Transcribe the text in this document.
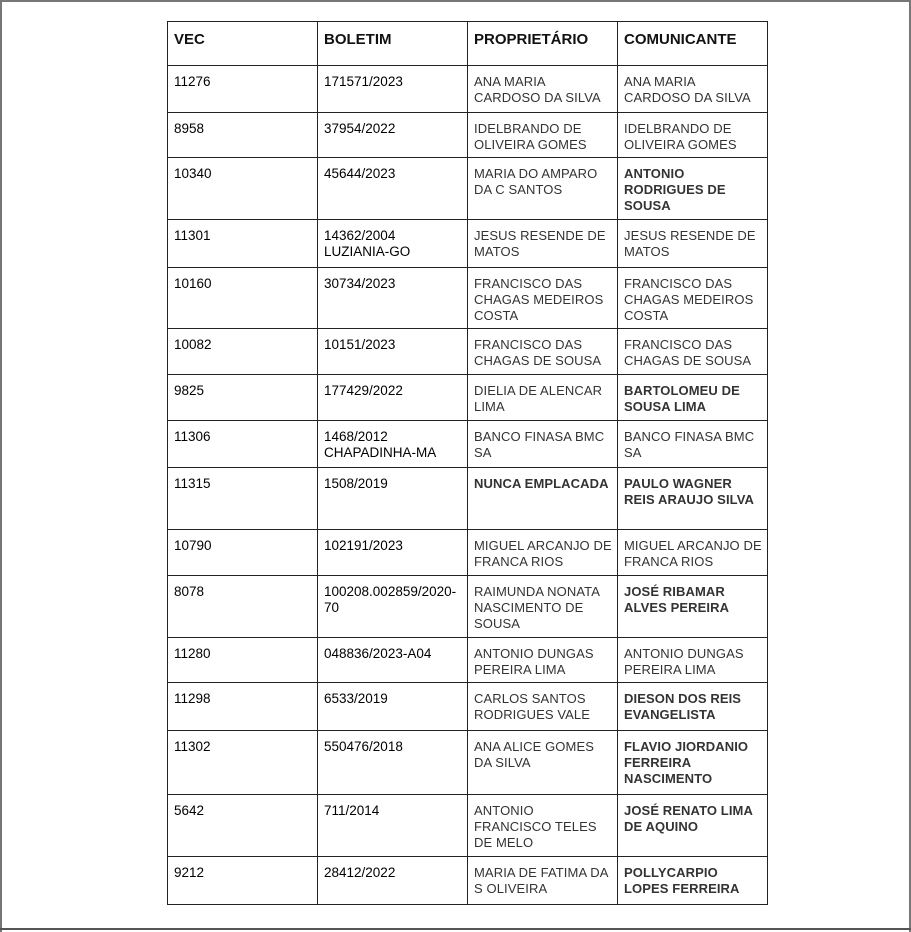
VEC	BOLETIM	PROPRIETÁRIO	COMUNICANTE
11276	171571/2023	ANA MARIA CARDOSO DA SILVA	ANA MARIA CARDOSO DA SILVA
8958	37954/2022	IDELBRANDO DE OLIVEIRA GOMES	IDELBRANDO DE OLIVEIRA GOMES
10340	45644/2023	MARIA DO AMPARO DA C SANTOS	ANTONIO RODRIGUES DE SOUSA
11301	14362/2004 LUZIANIA-GO	JESUS RESENDE DE MATOS	JESUS RESENDE DE MATOS
10160	30734/2023	FRANCISCO DAS CHAGAS MEDEIROS COSTA	FRANCISCO DAS CHAGAS MEDEIROS COSTA
10082	10151/2023	FRANCISCO DAS CHAGAS DE SOUSA	FRANCISCO DAS CHAGAS DE SOUSA
9825	177429/2022	DIELIA DE ALENCAR LIMA	BARTOLOMEU DE SOUSA LIMA
11306	1468/2012 CHAPADINHA-MA	BANCO FINASA BMC SA	BANCO FINASA BMC SA
11315	1508/2019	NUNCA EMPLACADA	PAULO WAGNER REIS ARAUJO SILVA
10790	102191/2023	MIGUEL ARCANJO DE FRANCA RIOS	MIGUEL ARCANJO DE FRANCA RIOS
8078	100208.002859/2020-70	RAIMUNDA NONATA NASCIMENTO DE SOUSA	JOSÉ RIBAMAR ALVES PEREIRA
11280	048836/2023-A04	ANTONIO DUNGAS PEREIRA LIMA	ANTONIO DUNGAS PEREIRA LIMA
11298	6533/2019	CARLOS SANTOS RODRIGUES VALE	DIESON DOS REIS EVANGELISTA
11302	550476/2018	ANA ALICE GOMES DA SILVA	FLAVIO JIORDANIO FERREIRA NASCIMENTO
5642	711/2014	ANTONIO FRANCISCO TELES DE MELO	JOSÉ RENATO LIMA DE AQUINO
9212	28412/2022	MARIA DE FATIMA DA S OLIVEIRA	POLLYCARPIO LOPES FERREIRA
